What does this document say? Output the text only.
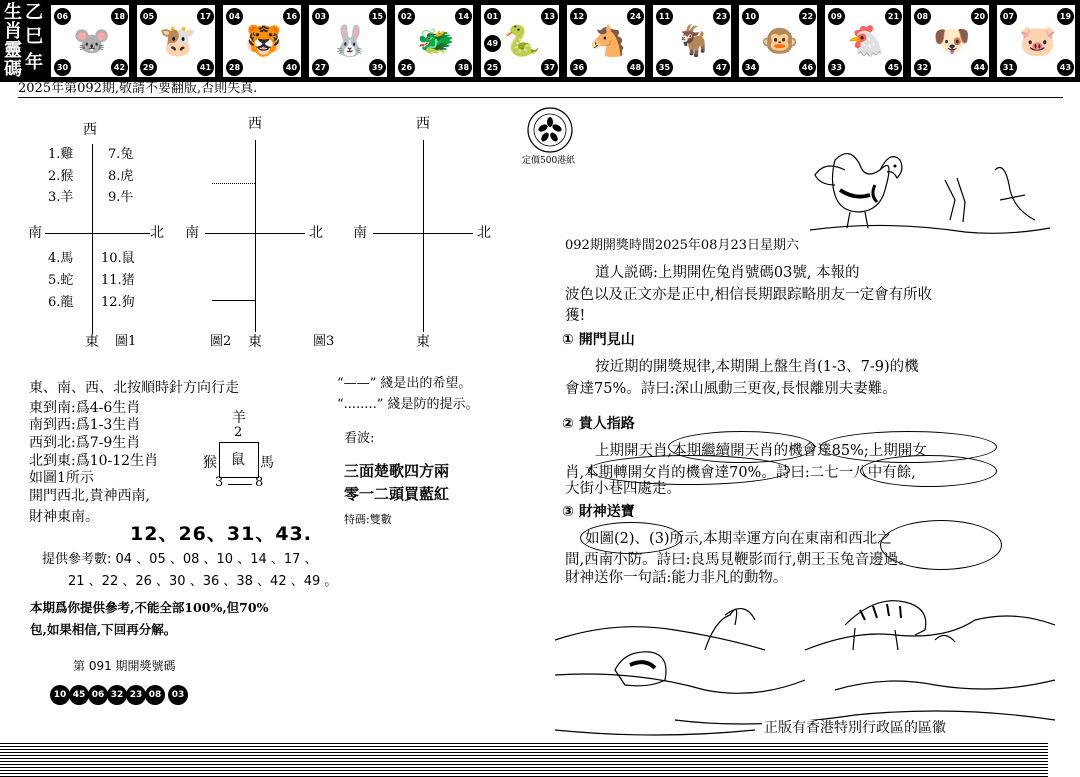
生
肖
靈
碼
乙
巳
年
🐭
06	18
30	42
🐮
05	17
29	41
🐯
04	16
28	40
🐰
03	15
27	39
🐲
02	14
26	38
🐍
01	13
25	37
49	🐴
12	24
36	48
🐐
11	23
35	47
🐵
10	22
34	46
🐔
09	21
33	45
🐶
08	20
32	44
🐷
07	19
31	43
2025年第092期,敬請不要翻版,否則失真.
西
南	北
東 圖1
1.雞
2.猴
3.羊
4.馬
5.蛇
6.龍
7.兔
8.虎
9.牛
10.鼠
11.猪
12.狗
西
南	北
圖2 東	圖3
西
南	北
東
東、南、西、北按順時針方向行走
東到南:爲4-6生肖
南到西:爲1-3生肖
西到北:爲7-9生肖
北到東:爲10-12生肖
如圖1所示
開門西北,貴神西南,
財神東南。
羊
2
鼠
猴	馬
3 8
“——” 綫是出的希望。
“........” 綫是防的提示。
看波:
三面楚歌四方兩
零一二頭買藍紅
特碼:雙數
12、26、31、43.
提供參考數: 04 、05 、08 、10 、14 、17 、
21 、22 、26 、30 、36 、38 、42 、49 。
本期爲你提供參考,不能全部100%,但70%
包,如果相信,下回再分解。
第 091 期開獎號碼
10 45 06 32 23 08 03
定價500港紙
092期開獎時間2025年08月23日星期六
道人説碼:上期開佐兔肖號碼03號, 本報的
波色以及正文亦是正中,相信長期跟踪略朋友一定會有所收
獲!
① 開門見山
按近期的開獎規律,本期開上盤生肖(1-3、7-9)的機
會達75%。詩曰:深山風動三更夜,長恨離別夫妻難。
② 貴人指路
上期開天肖,本期繼續開天肖的機會達85%;上期開女
肖,本期轉開女肖的機會達70%。詩曰:二七一八中有餘,
大街小巷四處走。
③ 財神送寶
如圖(2)、(3)所示,本期幸運方向在東南和西北之
間,西南小防。詩曰:良馬見鞭影而行,朝王玉兔音邊過。
財神送你一句話:能力非凡的動物。
正版有香港特別行政區的區徽
